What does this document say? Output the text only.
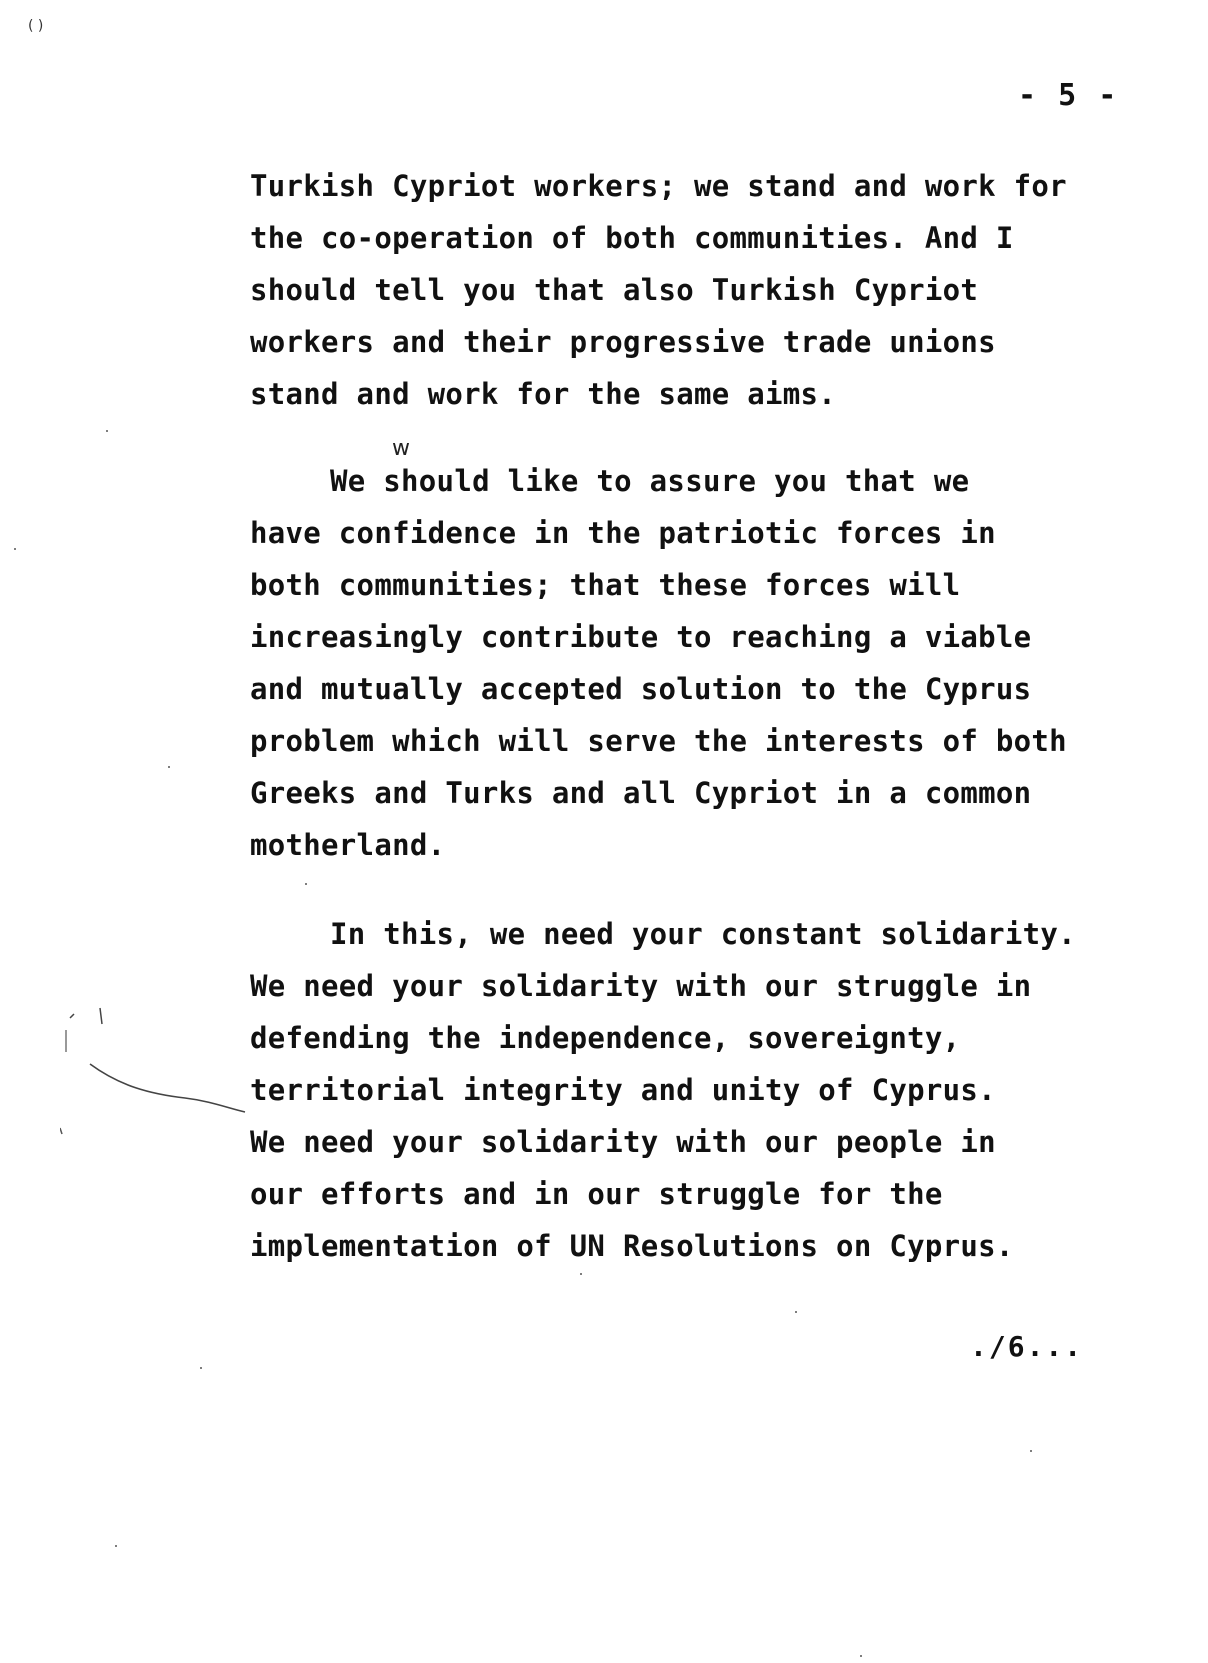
( )
- 5 -
Turkish Cypriot workers; we stand and work for
the co-operation of both communities. And I
should tell you that also Turkish Cypriot
workers and their progressive trade unions
stand and work for the same aims.
w
We should like to assure you that we
have confidence in the patriotic forces in
both communities; that these forces will
increasingly contribute to reaching a viable
and mutually accepted solution to the Cyprus
problem which will serve the interests of both
Greeks and Turks and all Cypriot in a common
motherland.
In this, we need your constant solidarity.
We need your solidarity with our struggle in
defending the independence, sovereignty,
territorial integrity and unity of Cyprus.
We need your solidarity with our people in
our efforts and in our struggle for the
implementation of UN Resolutions on Cyprus.
./6...
